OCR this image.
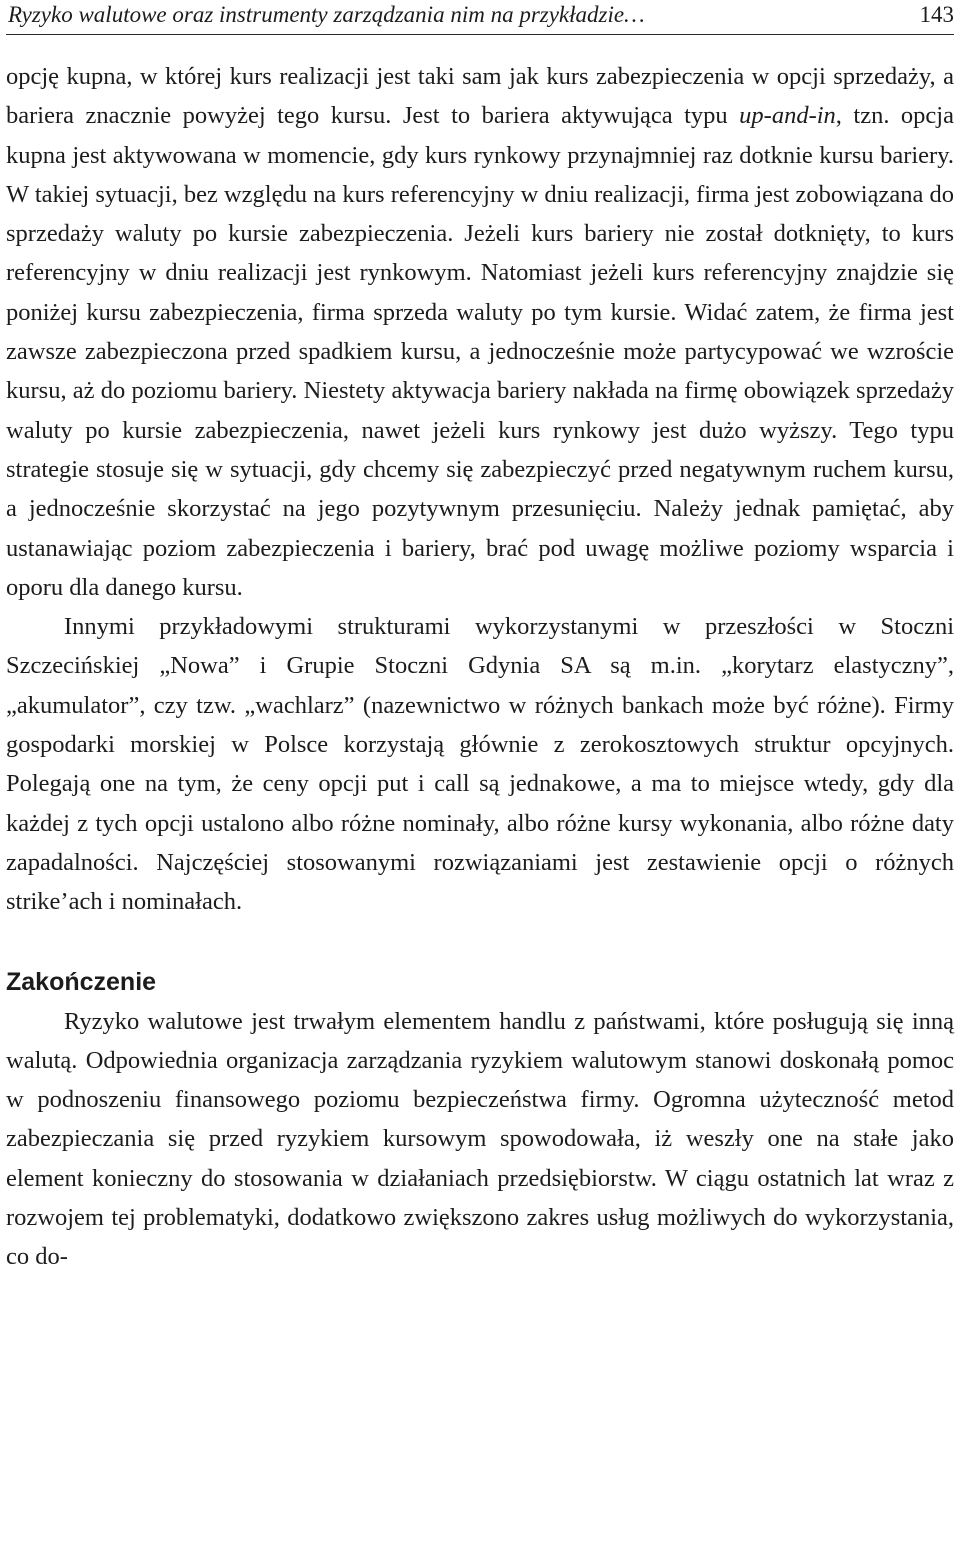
Ryzyko walutowe oraz instrumenty zarządzania nim na przykładzie…	143

opcję kupna, w której kurs realizacji jest taki sam jak kurs zabezpieczenia w opcji sprzedaży, a bariera znacznie powyżej tego kursu. Jest to bariera aktywująca typu up-and-in, tzn. opcja kupna jest aktywowana w momencie, gdy kurs rynkowy przynajmniej raz dotknie kursu bariery. W takiej sytuacji, bez względu na kurs referencyjny w dniu realizacji, firma jest zobowiązana do sprzedaży waluty po kursie zabezpieczenia. Jeżeli kurs bariery nie został dotknięty, to kurs referencyjny w dniu realizacji jest rynkowym. Natomiast jeżeli kurs referencyjny znajdzie się poniżej kursu zabezpieczenia, firma sprzeda waluty po tym kursie. Widać zatem, że firma jest zawsze zabezpieczona przed spadkiem kursu, a jednocześnie może partycypować we wzroście kursu, aż do poziomu bariery. Niestety aktywacja bariery nakłada na firmę obowiązek sprzedaży waluty po kursie zabezpieczenia, nawet jeżeli kurs rynkowy jest dużo wyższy. Tego typu strategie stosuje się w sytuacji, gdy chcemy się zabezpieczyć przed negatywnym ruchem kursu, a jednocześnie skorzystać na jego pozytywnym przesunięciu. Należy jednak pamiętać, aby ustanawiając poziom zabezpieczenia i bariery, brać pod uwagę możliwe poziomy wsparcia i oporu dla danego kursu.

Innymi przykładowymi strukturami wykorzystanymi w przeszłości w Stoczni Szczecińskiej „Nowa” i Grupie Stoczni Gdynia SA są m.in. „korytarz elastyczny”, „akumulator”, czy tzw. „wachlarz” (nazewnictwo w różnych bankach może być różne). Firmy gospodarki morskiej w Polsce korzystają głównie z zerokosztowych struktur opcyjnych. Polegają one na tym, że ceny opcji put i call są jednakowe, a ma to miejsce wtedy, gdy dla każdej z tych opcji ustalono albo różne nominały, albo różne kursy wykonania, albo różne daty zapadalności. Najczęściej stosowanymi rozwiązaniami jest zestawienie opcji o różnych strike’ach i nominałach.

Zakończenie

Ryzyko walutowe jest trwałym elementem handlu z państwami, które posługują się inną walutą. Odpowiednia organizacja zarządzania ryzykiem walutowym stanowi doskonałą pomoc w podnoszeniu finansowego poziomu bezpieczeństwa firmy. Ogromna użyteczność metod zabezpieczania się przed ryzykiem kursowym spowodowała, iż weszły one na stałe jako element konieczny do stosowania w działaniach przedsiębiorstw. W ciągu ostatnich lat wraz z rozwojem tej problematyki, dodatkowo zwiększono zakres usług możliwych do wykorzystania, co do-
